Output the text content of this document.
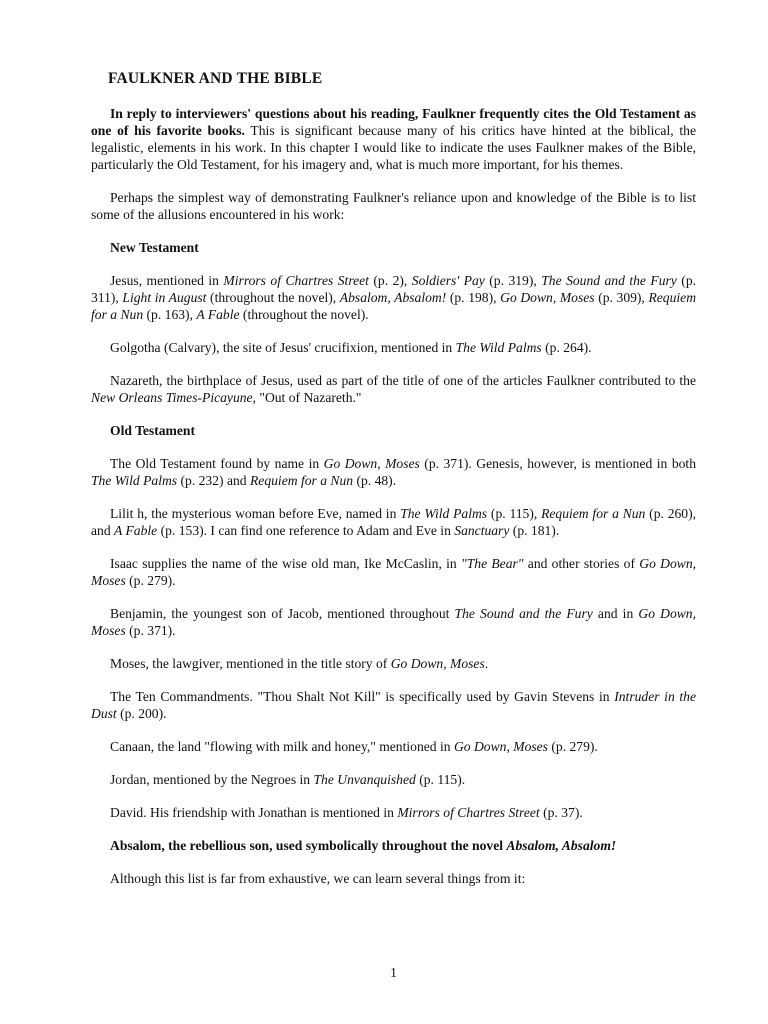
FAULKNER AND THE BIBLE

In reply to interviewers' questions about his reading, Faulkner frequently cites the Old Testament as one of his favorite books. This is significant because many of his critics have hinted at the biblical, the legalistic, elements in his work. In this chapter I would like to indicate the uses Faulkner makes of the Bible, particularly the Old Testament, for his imagery and, what is much more important, for his themes.

Perhaps the simplest way of demonstrating Faulkner's reliance upon and knowledge of the Bible is to list some of the allusions encountered in his work:

New Testament

Jesus, mentioned in Mirrors of Chartres Street (p. 2), Soldiers' Pay (p. 319), The Sound and the Fury (p. 311), Light in August (throughout the novel), Absalom, Absalom! (p. 198), Go Down, Moses (p. 309), Requiem for a Nun (p. 163), A Fable (throughout the novel).

Golgotha (Calvary), the site of Jesus' crucifixion, mentioned in The Wild Palms (p. 264).

Nazareth, the birthplace of Jesus, used as part of the title of one of the articles Faulkner contributed to the New Orleans Times-Picayune, "Out of Nazareth."

Old Testament

The Old Testament found by name in Go Down, Moses (p. 371). Genesis, however, is mentioned in both The Wild Palms (p. 232) and Requiem for a Nun (p. 48).

Lilit h, the mysterious woman before Eve, named in The Wild Palms (p. 115), Requiem for a Nun (p. 260), and A Fable (p. 153). I can find one reference to Adam and Eve in Sanctuary (p. 181).

Isaac supplies the name of the wise old man, Ike McCaslin, in "The Bear" and other stories of Go Down, Moses (p. 279).

Benjamin, the youngest son of Jacob, mentioned throughout The Sound and the Fury and in Go Down, Moses (p. 371).

Moses, the lawgiver, mentioned in the title story of Go Down, Moses.

The Ten Commandments. "Thou Shalt Not Kill" is specifically used by Gavin Stevens in Intruder in the Dust (p. 200).

Canaan, the land "flowing with milk and honey," mentioned in Go Down, Moses (p. 279).

Jordan, mentioned by the Negroes in The Unvanquished (p. 115).

David. His friendship with Jonathan is mentioned in Mirrors of Chartres Street (p. 37).

Absalom, the rebellious son, used symbolically throughout the novel Absalom, Absalom!

Although this list is far from exhaustive, we can learn several things from it:

1
